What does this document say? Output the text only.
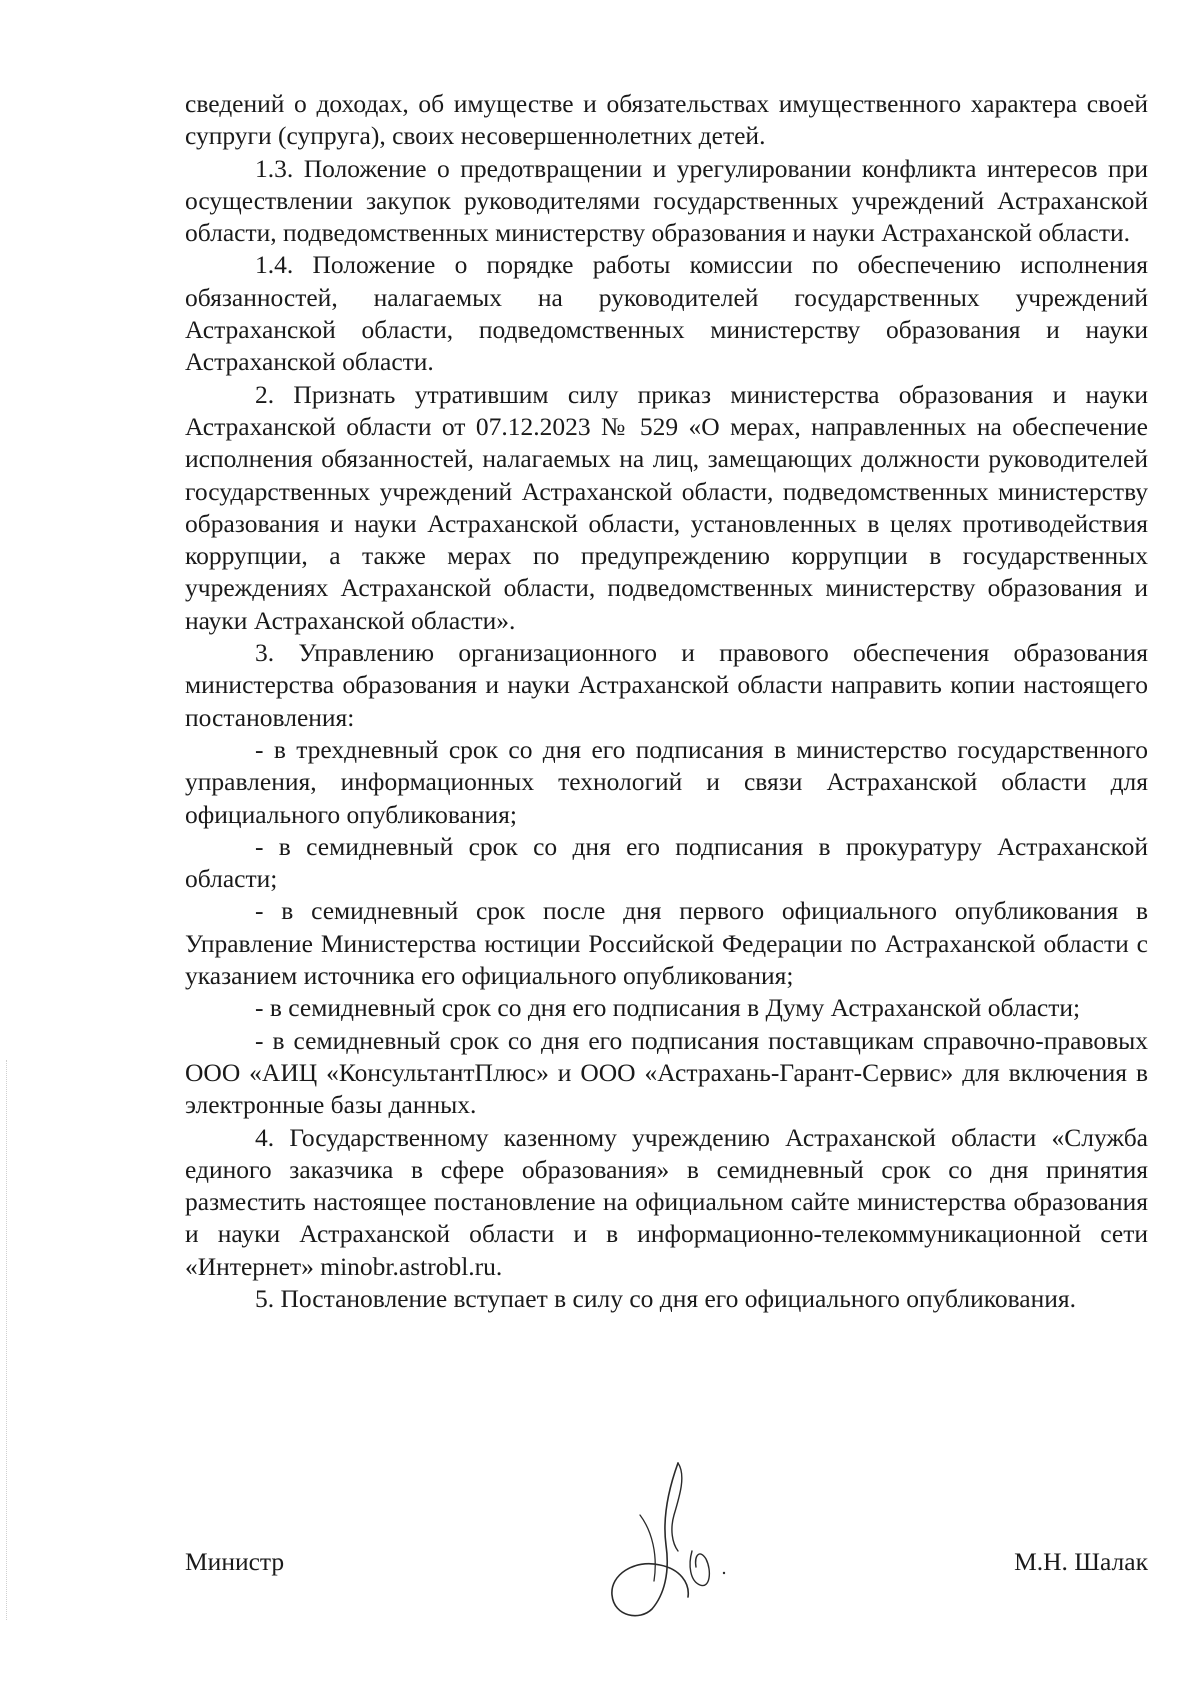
сведений о доходах, об имуществе и обязательствах имущественного характера своей супруги (супруга), своих несовершеннолетних детей.

1.3. Положение о предотвращении и урегулировании конфликта интересов при осуществлении закупок руководителями государственных учреждений Астраханской области, подведомственных министерству образования и науки Астраханской области.

1.4. Положение о порядке работы комиссии по обеспечению исполнения обязанностей, налагаемых на руководителей государственных учреждений Астраханской области, подведомственных министерству образования и науки Астраханской области.

2. Признать утратившим силу приказ министерства образования и науки Астраханской области от 07.12.2023 № 529 «О мерах, направленных на обеспечение исполнения обязанностей, налагаемых на лиц, замещающих должности руководителей государственных учреждений Астраханской области, подведомственных министерству образования и науки Астраханской области, установленных в целях противодействия коррупции, а также мерах по предупреждению коррупции в государственных учреждениях Астраханской области, подведомственных министерству образования и науки Астраханской области».

3. Управлению организационного и правового обеспечения образования министерства образования и науки Астраханской области направить копии настоящего постановления:

- в трехдневный срок со дня его подписания в министерство государственного управления, информационных технологий и связи Астраханской области для официального опубликования;

- в семидневный срок со дня его подписания в прокуратуру Астраханской области;

- в семидневный срок после дня первого официального опубликования в Управление Министерства юстиции Российской Федерации по Астраханской области с указанием источника его официального опубликования;

- в семидневный срок со дня его подписания в Думу Астраханской области;

- в семидневный срок со дня его подписания поставщикам справочно-правовых ООО «АИЦ «КонсультантПлюс» и ООО «Астрахань-Гарант-Сервис» для включения в электронные базы данных.

4. Государственному казенному учреждению Астраханской области «Служба единого заказчика в сфере образования» в семидневный срок со дня принятия разместить настоящее постановление на официальном сайте министерства образования и науки Астраханской области и в информационно-телекоммуникационной сети «Интернет» minobr.astrobl.ru.

5. Постановление вступает в силу со дня его официального опубликования.

Министр	М.Н. Шалак
